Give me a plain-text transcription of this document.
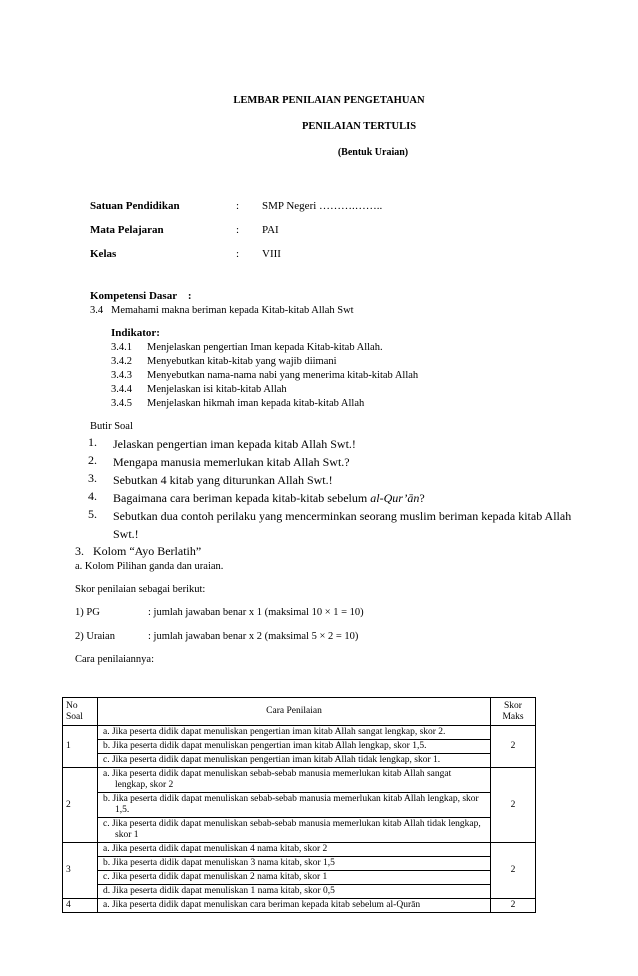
LEMBAR PENILAIAN PENGETAHUAN
PENILAIAN TERTULIS
(Bentuk Uraian)
Satuan Pendidikan	: SMP Negeri ……….……..
Mata Pelajaran	: PAI
Kelas	: VIII
Kompetensi Dasar    :
3.4   Memahami makna beriman kepada Kitab-kitab Allah Swt
Indikator:
3.4.1 Menjelaskan pengertian Iman kepada Kitab-kitab Allah.
3.4.2 Menyebutkan kitab-kitab yang wajib diimani
3.4.3 Menyebutkan nama-nama nabi yang menerima kitab-kitab Allah
3.4.4 Menjelaskan isi kitab-kitab Allah
3.4.5 Menjelaskan hikmah iman kepada kitab-kitab Allah
Butir Soal
1. Jelaskan pengertian iman kepada kitab Allah Swt.!
2. Mengapa manusia memerlukan kitab Allah Swt.?
3. Sebutkan 4 kitab yang diturunkan Allah Swt.!
4. Bagaimana cara beriman kepada kitab-kitab sebelum al-Qur’ān?
5. Sebutkan dua contoh perilaku yang mencerminkan seorang muslim beriman kepada kitab Allah Swt.!
3.   Kolom “Ayo Berlatih”
a. Kolom Pilihan ganda dan uraian.
Skor penilaian sebagai berikut:
1) PG	: jumlah jawaban benar x 1 (maksimal 10 × 1 = 10)
2) Uraian	: jumlah jawaban benar x 2 (maksimal 5 × 2 = 10)
Cara penilaiannya:
No Soal	Cara Penilaian	Skor Maks
1	a. Jika peserta didik dapat menuliskan pengertian iman kitab Allah sangat lengkap, skor 2.
b. Jika peserta didik dapat menuliskan pengertian iman kitab Allah lengkap, skor 1,5.
c. Jika peserta didik dapat menuliskan pengertian iman kitab Allah tidak lengkap, skor 1.	2
2	a. Jika peserta didik dapat menuliskan sebab-sebab manusia memerlukan kitab Allah sangat lengkap, skor 2
b. Jika peserta didik dapat menuliskan sebab-sebab manusia memerlukan kitab Allah lengkap, skor 1,5.
c. Jika peserta didik dapat menuliskan sebab-sebab manusia memerlukan kitab Allah tidak lengkap, skor 1	2
3	a. Jika peserta didik dapat menuliskan 4 nama kitab, skor 2
b. Jika peserta didik dapat menuliskan 3 nama kitab, skor 1,5
c. Jika peserta didik dapat menuliskan 2 nama kitab, skor 1
d. Jika peserta didik dapat menuliskan 1 nama kitab, skor 0,5	2
4	a. Jika peserta didik dapat menuliskan cara beriman kepada kitab sebelum al-Qurān	2
